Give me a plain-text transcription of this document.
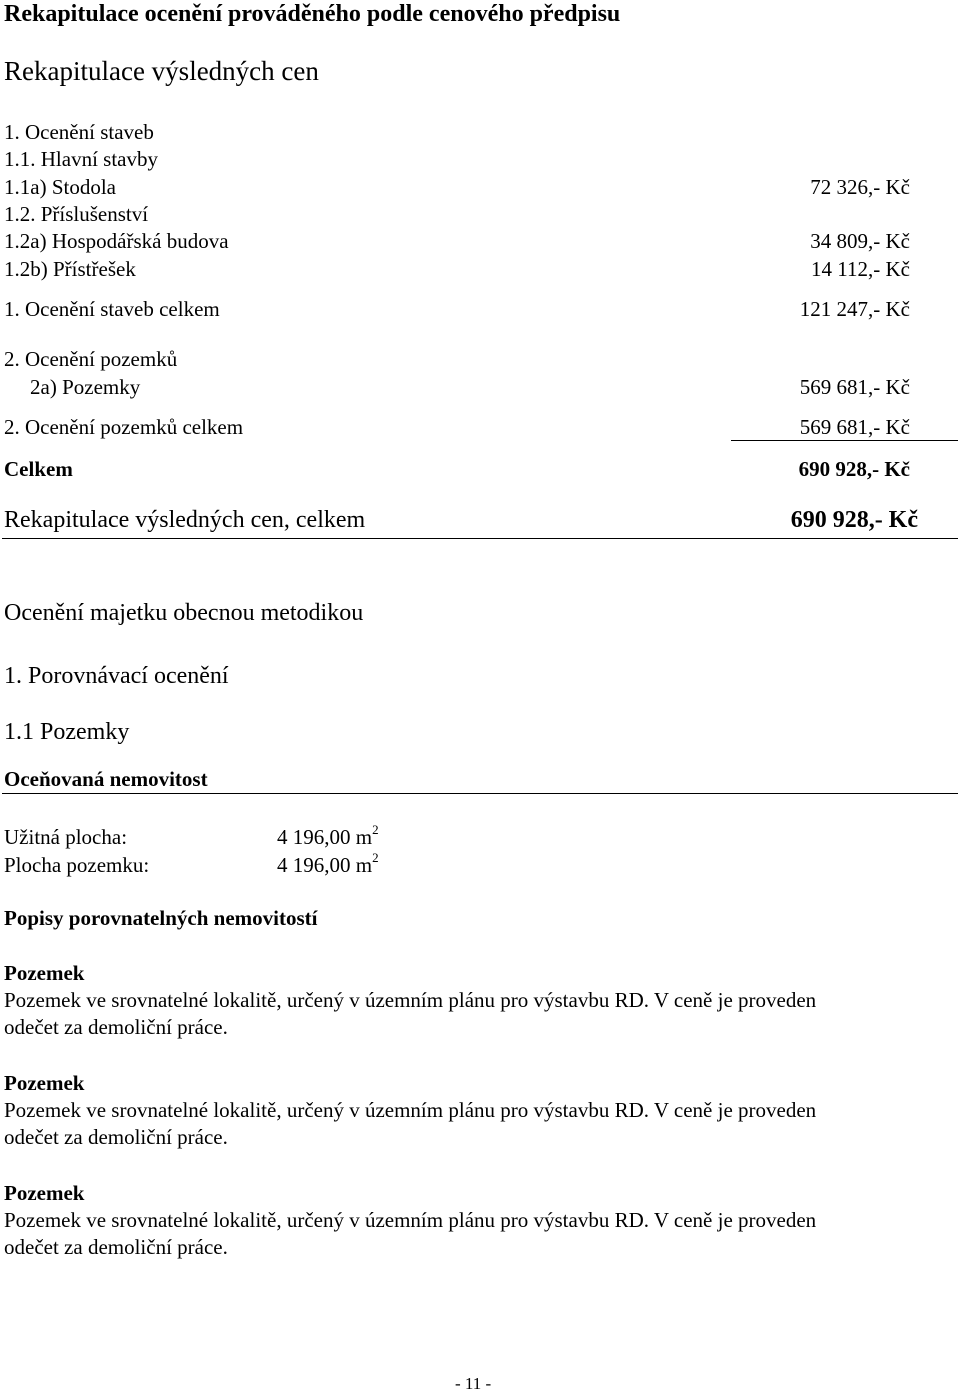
Rekapitulace ocenění prováděného podle cenového předpisu
Rekapitulace výsledných cen
1. Ocenění staveb
1.1. Hlavní stavby
1.1a) Stodola	72 326,- Kč
1.2. Příslušenství
1.2a) Hospodářská budova	34 809,- Kč
1.2b) Přístřešek	14 112,- Kč
1. Ocenění staveb celkem	121 247,- Kč
2. Ocenění pozemků
2a) Pozemky	569 681,- Kč
2. Ocenění pozemků celkem	569 681,- Kč
Celkem	690 928,- Kč
Rekapitulace výsledných cen, celkem	690 928,- Kč
Ocenění majetku obecnou metodikou
1. Porovnávací ocenění
1.1 Pozemky
Oceňovaná nemovitost
Užitná plocha:	4 196,00 $m^2$
Plocha pozemku:	4 196,00 $m^2$
Popisy porovnatelných nemovitostí
Pozemek
Pozemek ve srovnatelné lokalitě, určený v územním plánu pro výstavbu RD. V ceně je proveden
odečet za demoliční práce.
Pozemek
Pozemek ve srovnatelné lokalitě, určený v územním plánu pro výstavbu RD. V ceně je proveden
odečet za demoliční práce.
Pozemek
Pozemek ve srovnatelné lokalitě, určený v územním plánu pro výstavbu RD. V ceně je proveden
odečet za demoliční práce.
- 11 -
